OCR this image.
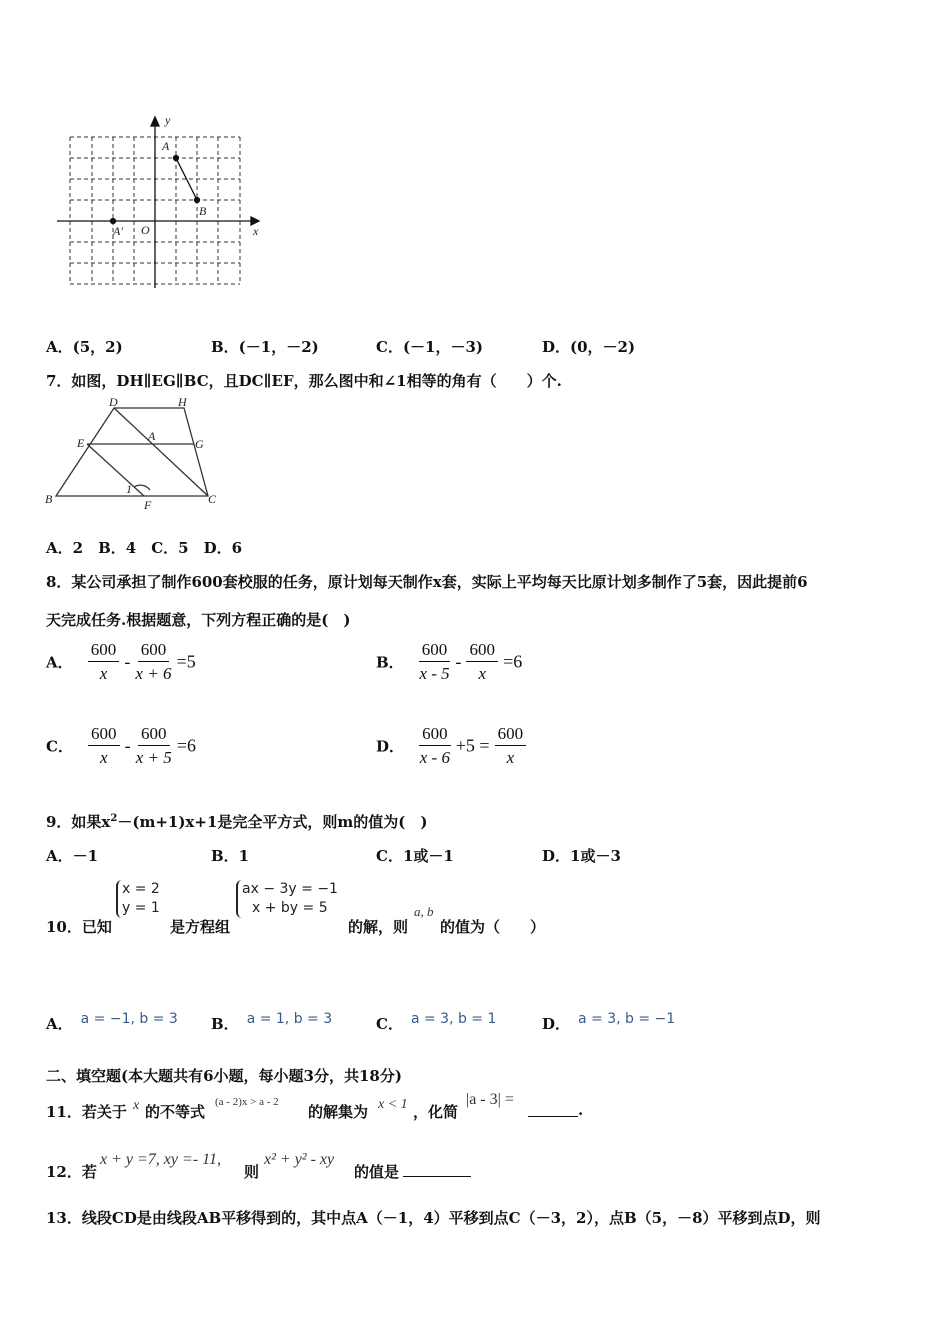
y
x
A
B
A' O
A．(5，2)	B．(－1，－2)	C．(－1，－3)	D．(0，－2)
7．如图，DH∥EG∥BC，且DC∥EF，那么图中和∠1相等的角有（　　）个.
D	H
E	A
G
B
1
F	C
A．2　B．4　C．5　D．6
8．某公司承担了制作600套校服的任务，原计划每天制作x套，实际上平均每天比原计划多制作了5套，因此提前6
天完成任务.根据题意，下列方程正确的是(　)
A． $\frac{600}{x} - \frac{600}{x + 6} =5$	B． $\frac{600}{x - 5} - \frac{600}{x} =6$
C． $\frac{600}{x} - \frac{600}{x + 5} =6$	D． $\frac{600}{x - 6} +5 = \frac{600}{x}$
9．如果$x^2-(m+1)x+1$是完全平方式，则m的值为(　)
A．－1	B．1	C．1或－1	D．1或－3
10．已知
x = 2
y = 1
是方程组
ax − 3y = −1
x + by = 5
的解，则
a, b
的值为（　　）
A． a = −1, b = 3 B． a = 1, b = 3	C． a = 3, b = 1	D． a = 3, b = −1
二、填空题(本大题共有6小题，每小题3分，共18分)
11．若关于 x 的不等式
(a - 2)x > a - 2
的解集为 x < 1 ，化简
|a - 3| =
.
12．若
x + y =7, xy =- 11,
则
x² + y² - xy
的值是
13．线段CD是由线段AB平移得到的，其中点A（－1，4）平移到点C（－3，2），点B（5，－8）平移到点D，则
